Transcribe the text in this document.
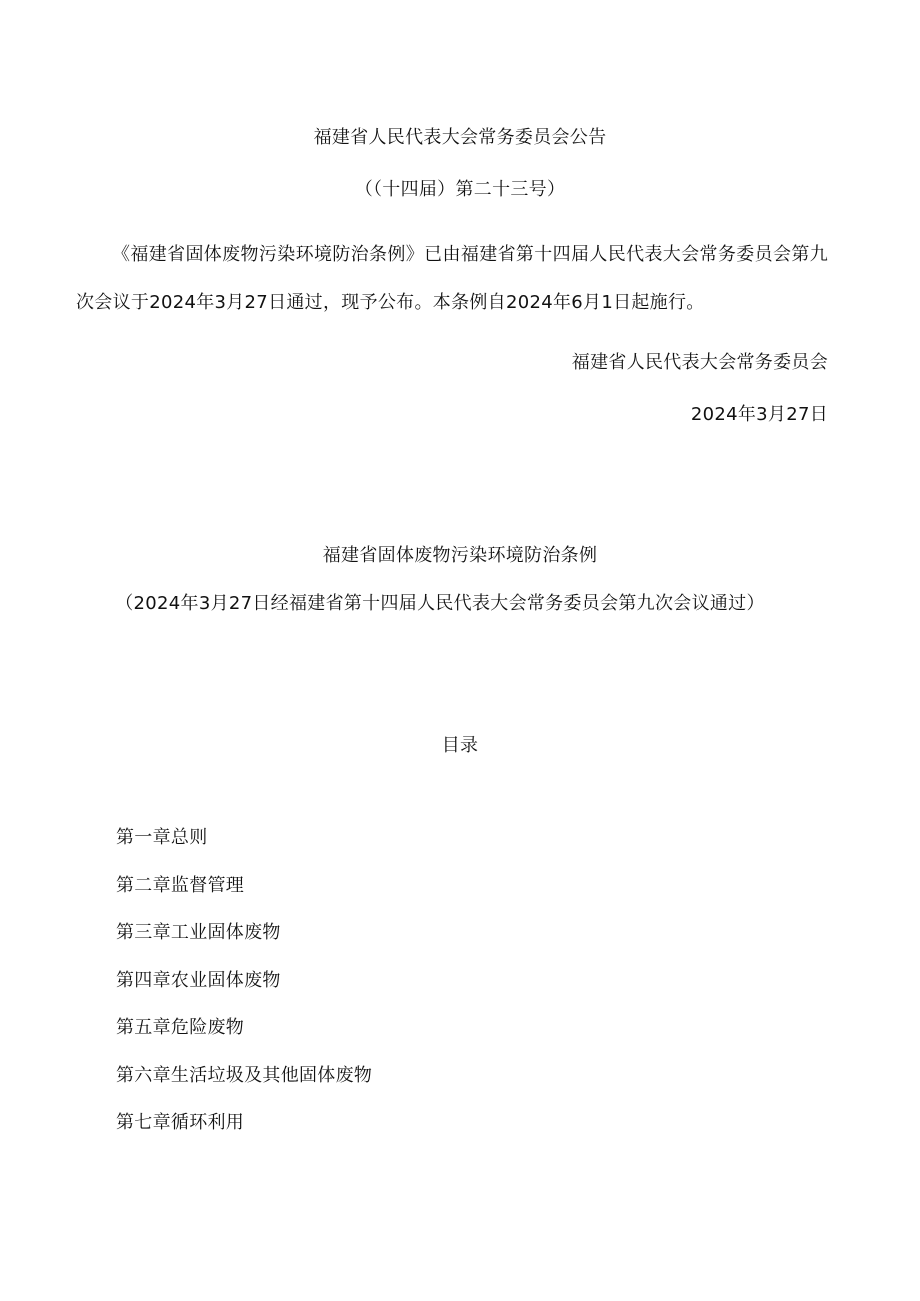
福建省人民代表大会常务委员会公告
（（十四届）第二十三号）

《福建省固体废物污染环境防治条例》已由福建省第十四届人民代表大会常务委员会第九次会议于2024年3月27日通过，现予公布。本条例自2024年6月1日起施行。

福建省人民代表大会常务委员会
2024年3月27日
福建省固体废物污染环境防治条例
（2024年3月27日经福建省第十四届人民代表大会常务委员会第九次会议通过）
目录
第一章总则
第二章监督管理
第三章工业固体废物
第四章农业固体废物
第五章危险废物
第六章生活垃圾及其他固体废物
第七章循环利用
